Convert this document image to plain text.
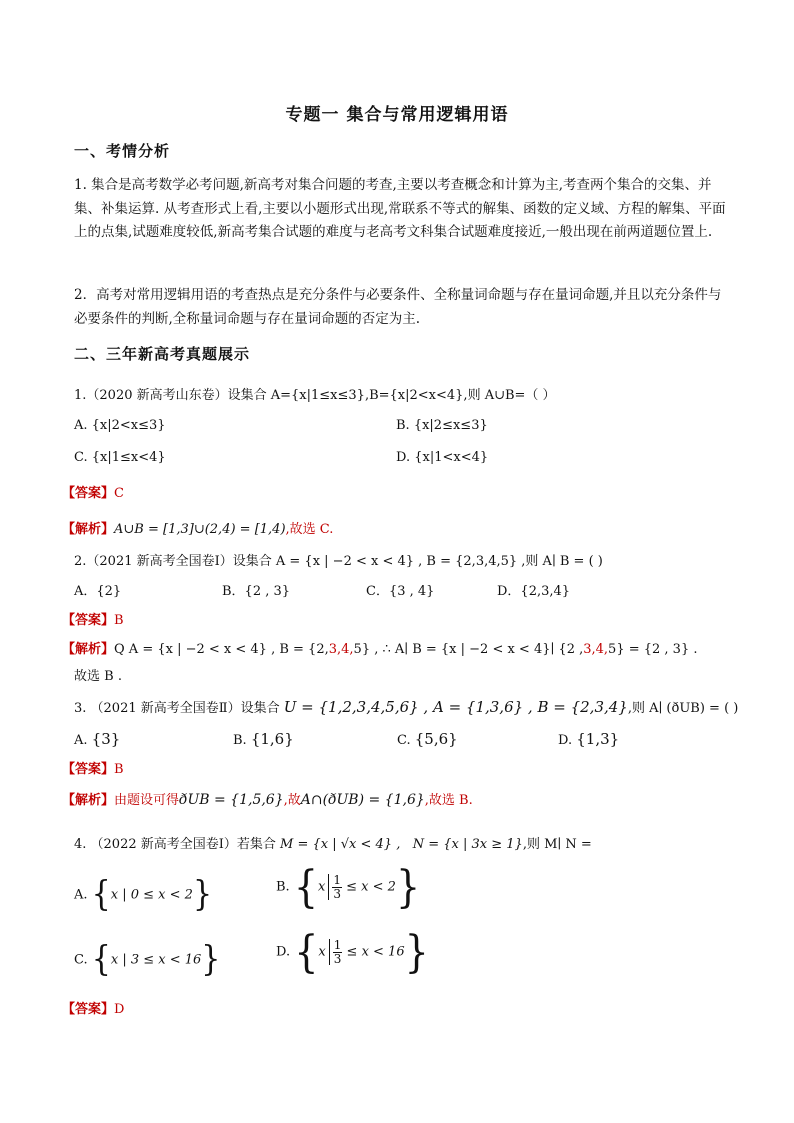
专题一 集合与常用逻辑用语
一、考情分析
1. 集合是高考数学必考问题,新高考对集合问题的考查,主要以考查概念和计算为主,考查两个集合的交集、并集、补集运算. 从考查形式上看,主要以小题形式出现,常联系不等式的解集、函数的定义域、方程的解集、平面上的点集,试题难度较低,新高考集合试题的难度与老高考文科集合试题难度接近,一般出现在前两道题位置上.
2．高考对常用逻辑用语的考查热点是充分条件与必要条件、全称量词命题与存在量词命题,并且以充分条件与必要条件的判断,全称量词命题与存在量词命题的否定为主.
二、三年新高考真题展示
1.（2020 新高考山东卷）设集合 A={x|1≤x≤3},B={x|2<x<4},则 A∪B=（ ）
A. {x|2<x≤3}	B. {x|2≤x≤3}
C. {x|1≤x<4}	D. {x|1<x<4}
【答案】C
【解析】A∪B = [1,3]∪(2,4) = [1,4),故选 C.
2.（2021 新高考全国卷Ⅰ）设集合 A = {x | −2 < x < 4} , B = {2,3,4,5} ,则 A∣ B = ( )
A．{2}	B．{2 , 3}	C．{3 , 4}	D．{2,3,4}
【答案】B
【解析】Q A = {x | −2 < x < 4} , B = {2,3,4,5} , ∴ A∣ B = {x | −2 < x < 4}∣ {2 ,3,4,5} = {2 , 3} .
故选 B .
3. （2021 新高考全国卷Ⅱ）设集合 U = {1,2,3,4,5,6} , A = {1,3,6} , B = {2,3,4},则 A∣ (ðUB) = ( )
A. {3}	B. {1,6}	C. {5,6}	D. {1,3}
【答案】B
【解析】由题设可得ðUB = {1,5,6},故A∩(ðUB) = {1,6},故选 B.
4. （2022 新高考全国卷Ⅰ）若集合 M = {x | √x < 4} , N = {x | 3x ≥ 1},则 M∣ N =
A. {x | 0 ≤ x < 2}	B. $\{x \frac{1}{3} \le x < 2\}$
C. {x | 3 ≤ x < 16}	D. $\{x \frac{1}{3} \le x < 16\}$
【答案】D
